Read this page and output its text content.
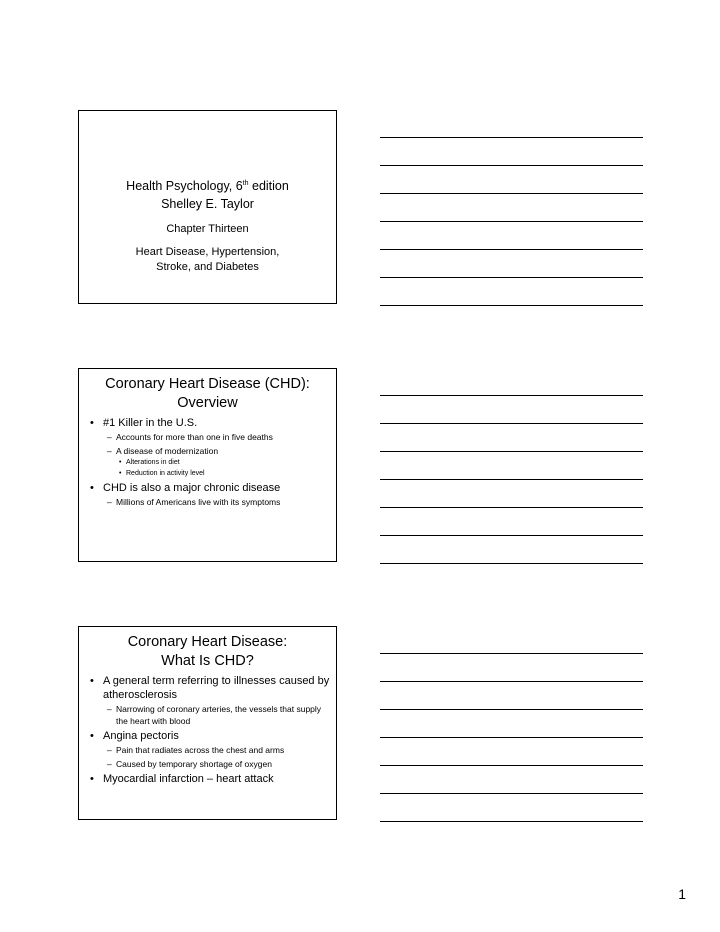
Health Psychology, 6th edition
Shelley E. Taylor
Chapter Thirteen
Heart Disease, Hypertension,
Stroke, and Diabetes
Coronary Heart Disease (CHD):
Overview
• #1 Killer in the U.S.
– Accounts for more than one in five deaths
– A disease of modernization
• Alterations in diet
• Reduction in activity level
• CHD is also a major chronic disease
– Millions of Americans live with its symptoms
Coronary Heart Disease:
What Is CHD?
• A general term referring to illnesses caused by atherosclerosis
– Narrowing of coronary arteries, the vessels that supply the heart with blood
• Angina pectoris
– Pain that radiates across the chest and arms
– Caused by temporary shortage of oxygen
• Myocardial infarction – heart attack
1
